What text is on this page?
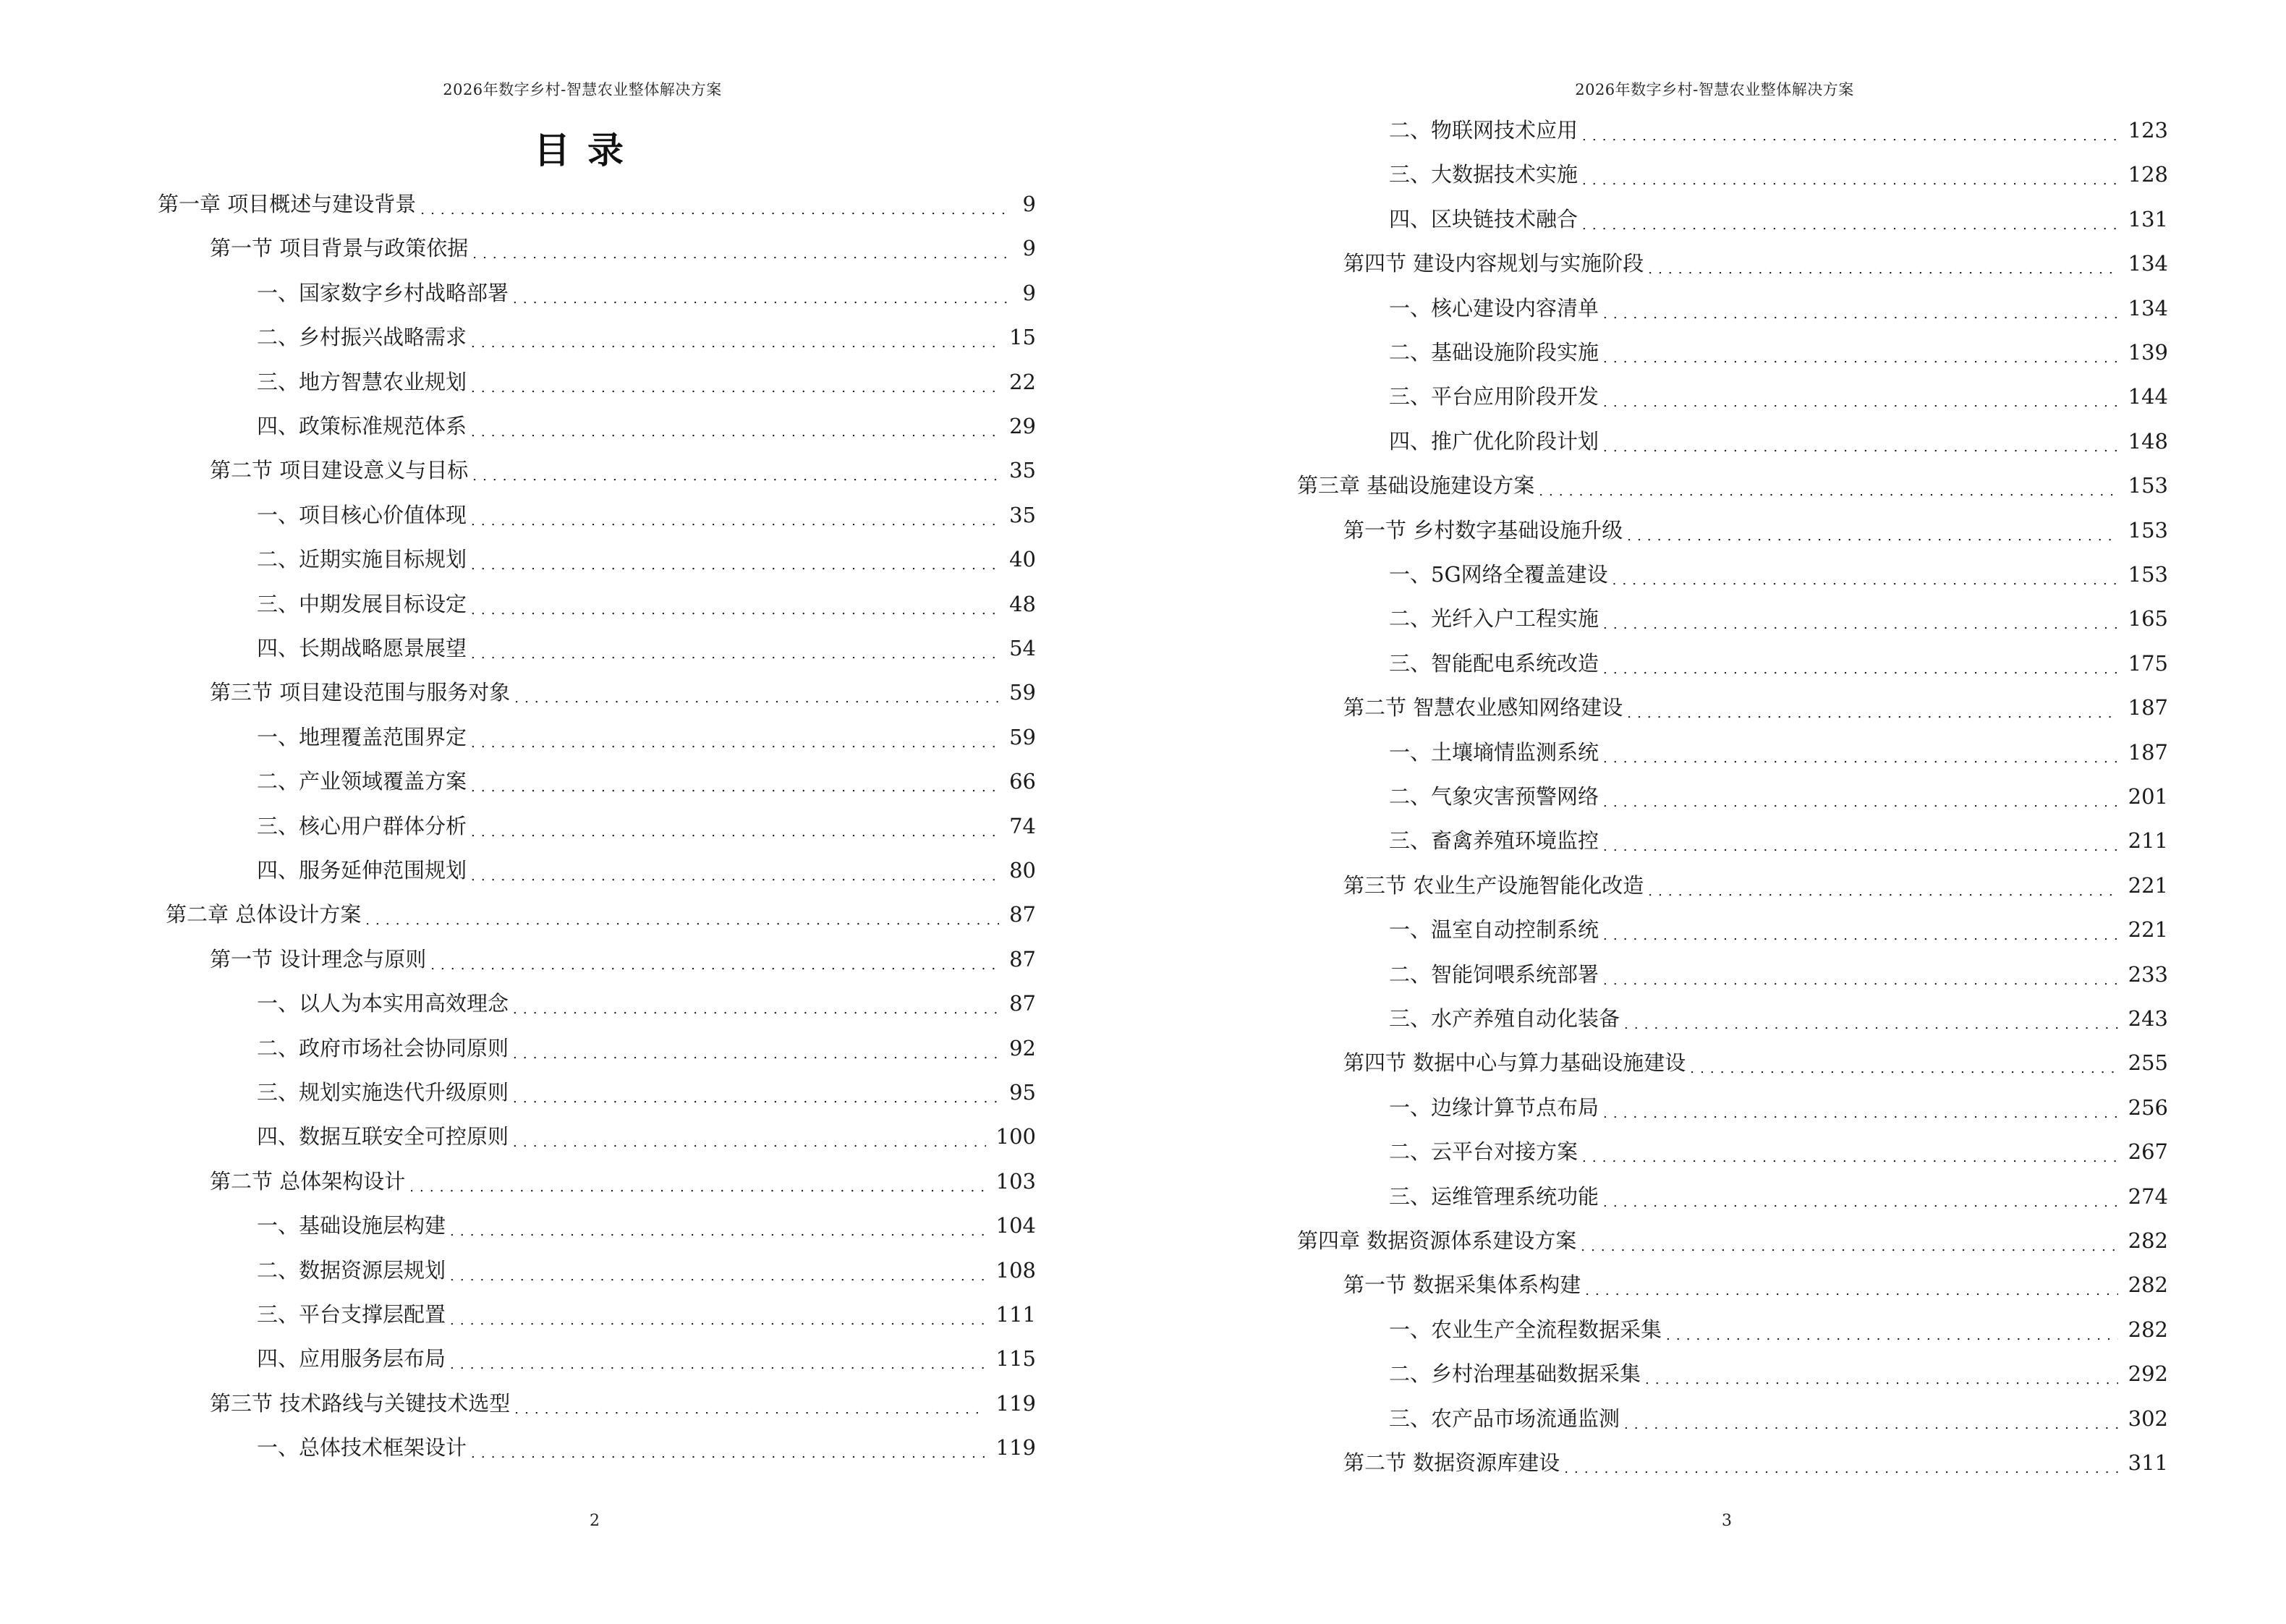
2026年数字乡村-智慧农业整体解决方案
目录
第一章 项目概述与建设背景 . . .	9
第一节 项目背景与政策依据 . . .	9
一、国家数字乡村战略部署 . . .	9
二、乡村振兴战略需求 . . .	15
三、地方智慧农业规划 . . .	22
四、政策标准规范体系 . . .	29
第二节 项目建设意义与目标 . . .	35
一、项目核心价值体现 . . .	35
二、近期实施目标规划 . . .	40
三、中期发展目标设定 . . .	48
四、长期战略愿景展望 . . .	54
第三节 项目建设范围与服务对象 . . .	59
一、地理覆盖范围界定 . . .	59
二、产业领域覆盖方案 . . .	66
三、核心用户群体分析 . . .	74
四、服务延伸范围规划 . . .	80
第二章 总体设计方案 . . .	87
第一节 设计理念与原则 . . .	87
一、以人为本实用高效理念 . . .	87
二、政府市场社会协同原则 . . .	92
三、规划实施迭代升级原则 . . .	95
四、数据互联安全可控原则 . . .	100
第二节 总体架构设计 . . .	103
一、基础设施层构建 . . .	104
二、数据资源层规划 . . .	108
三、平台支撑层配置 . . .	111
四、应用服务层布局 . . .	115
第三节 技术路线与关键技术选型 . . .	119
一、总体技术框架设计 . . .	119
2
2026年数字乡村-智慧农业整体解决方案
二、物联网技术应用 . . .	123
三、大数据技术实施 . . .	128
四、区块链技术融合 . . .	131
第四节 建设内容规划与实施阶段 . . .	134
一、核心建设内容清单 . . .	134
二、基础设施阶段实施 . . .	139
三、平台应用阶段开发 . . .	144
四、推广优化阶段计划 . . .	148
第三章 基础设施建设方案 . . .	153
第一节 乡村数字基础设施升级 . . .	153
一、5G网络全覆盖建设 . . .	153
二、光纤入户工程实施 . . .	165
三、智能配电系统改造 . . .	175
第二节 智慧农业感知网络建设 . . .	187
一、土壤墒情监测系统 . . .	187
二、气象灾害预警网络 . . .	201
三、畜禽养殖环境监控 . . .	211
第三节 农业生产设施智能化改造 . . .	221
一、温室自动控制系统 . . .	221
二、智能饲喂系统部署 . . .	233
三、水产养殖自动化装备 . . .	243
第四节 数据中心与算力基础设施建设 . . .	255
一、边缘计算节点布局 . . .	256
二、云平台对接方案 . . .	267
三、运维管理系统功能 . . .	274
第四章 数据资源体系建设方案 . . .	282
第一节 数据采集体系构建 . . .	282
一、农业生产全流程数据采集 . . .	282
二、乡村治理基础数据采集 . . .	292
三、农产品市场流通监测 . . .	302
第二节 数据资源库建设 . . .	311
3
